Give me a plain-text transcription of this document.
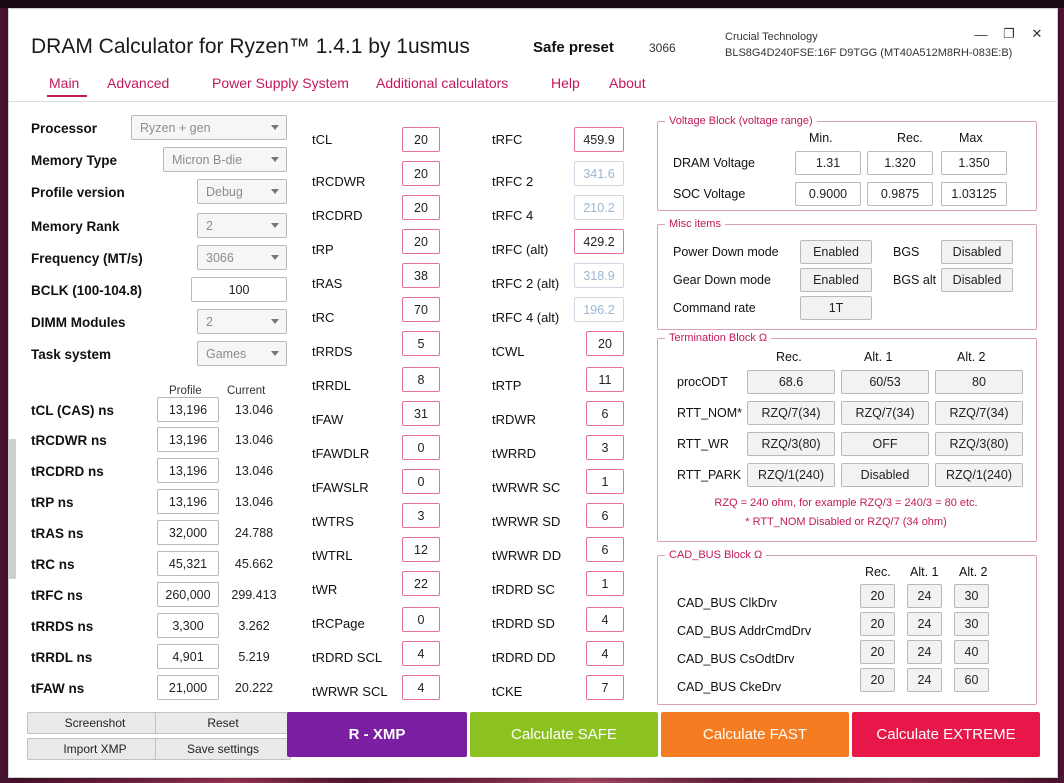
DRAM Calculator for Ryzen™ 1.4.1 by 1usmus	Safe preset	3066
Crucial Technology
BLS8G4D240FSE:16F D9TGG (MT40A512M8RH-083E:B)
—	❐	✕
Main Advanced	Power Supply System Additional calculators	Help About
Processor	Ryzen + gen
Memory Type	Micron B-die
Profile version	Debug
Memory Rank	2
Frequency (MT/s)	3066
BCLK (100-104.8)	100
DIMM Modules	2
Task system	Games
Profile Current
tCL (CAS) ns	13,196	13.046
tRCDWR ns	13,196	13.046
tRCDRD ns	13,196	13.046
tRP ns	13,196	13.046
tRAS ns	32,000	24.788
tRC ns	45,321	45.662
tRFC ns	260,000	299.413
tRRDS ns	3,300	3.262
tRRDL ns	4,901	5.219
tFAW ns	21,000	20.222
tCL	20
tRCDWR
20
tRCDRD
20
tRP
20
tRAS
38
tRC
70
tRRDS
5
tRRDL	8
tFAW	31
tFAWDLR	0
tFAWSLR	0
tWTRS	3
tWTRL	12
tWR	22
tRCPage	0
tRDRD SCL	4
tWRWR SCL	4
tRFC	459.9
tRFC 2
341.6
tRFC 4
210.2
tRFC (alt)
429.2
tRFC 2 (alt)
318.9
tRFC 4 (alt)
196.2
tCWL
20
tRTP	11
tRDWR	6
tWRRD	3
tWRWR SC	1
tWRWR SD	6
tWRWR DD	6
tRDRD SC	1
tRDRD SD	4
tRDRD DD	4
tCKE	7
Voltage Block (voltage range)
Min.	Rec.	Max
DRAM Voltage	1.31	1.320	1.350
SOC Voltage	0.9000	0.9875	1.03125
Misc items
Power Down mode	Enabled	BGS	Disabled
Gear Down mode	Enabled	BGS alt	Disabled
Command rate	1T
Termination Block Ω
Rec.	Alt. 1	Alt. 2
procODT	68.6	60/53	80
RTT_NOM*	RZQ/7(34)	RZQ/7(34)	RZQ/7(34)
RTT_WR	RZQ/3(80)	OFF	RZQ/3(80)
RTT_PARK	RZQ/1(240)	Disabled	RZQ/1(240)
RZQ = 240 ohm, for example RZQ/3 = 240/3 = 80 etc.
* RTT_NOM Disabled or RZQ/7 (34 ohm)
CAD_BUS Block Ω
Rec. Alt. 1 Alt. 2
CAD_BUS ClkDrv	20	24	30
CAD_BUS AddrCmdDrv	20	24	30
CAD_BUS CsOdtDrv	20	24	40
CAD_BUS CkeDrv	20	24	60
Screenshot
Import XMP
Reset
Save settings
R - XMP	Calculate SAFE	Calculate FAST	Calculate EXTREME
